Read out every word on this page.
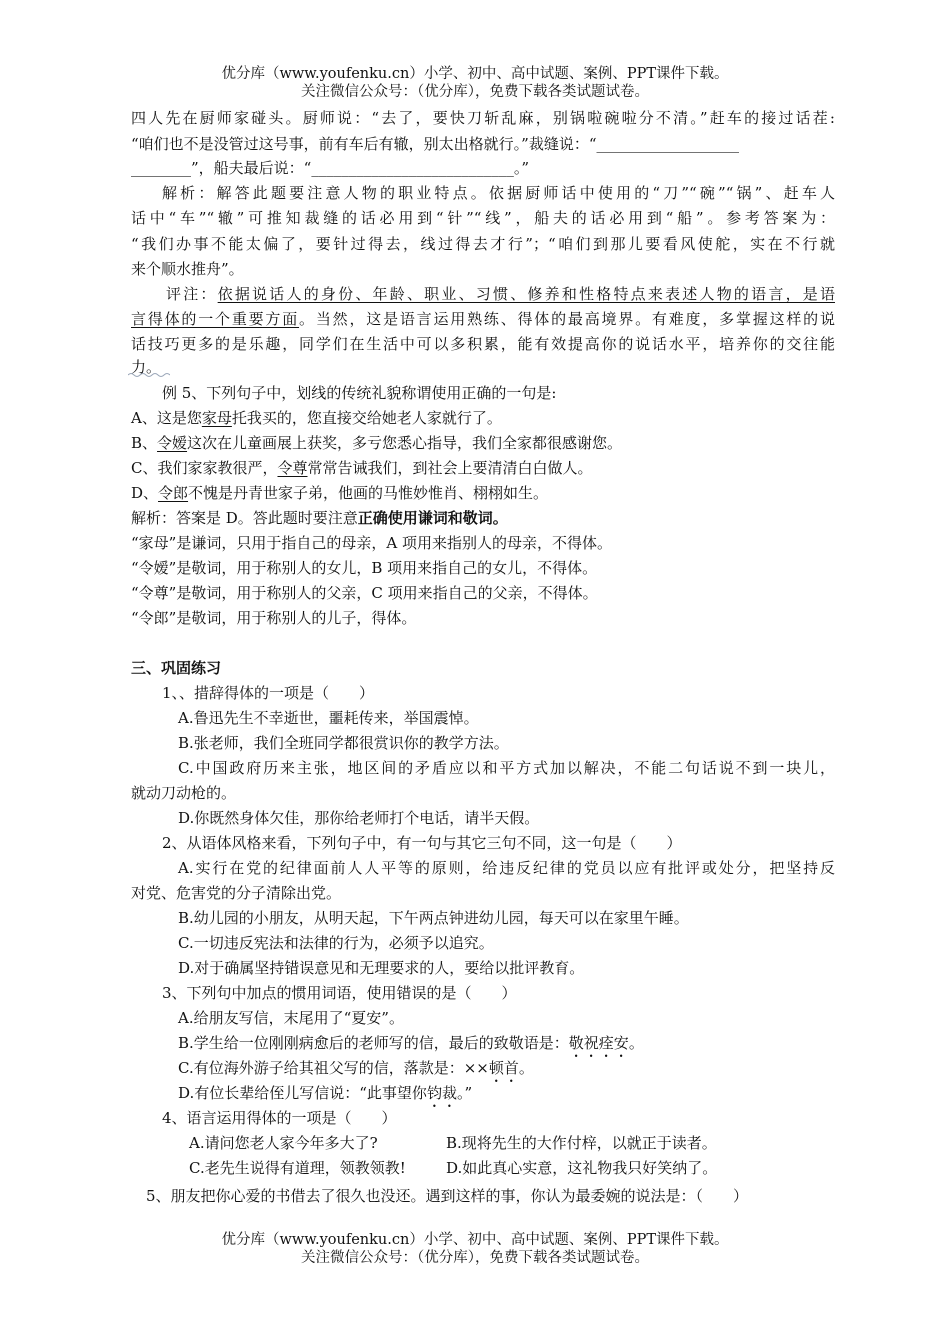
优分库（www.youfenku.cn）小学、初中、高中试题、案例、PPT课件下载。
关注微信公众号：（优分库），免费下载各类试题试卷。
四人先在厨师家碰头。厨师说：“去了，要快刀斩乱麻，别锅啦碗啦分不清。”赶车的接过话茬:
“咱们也不是没管过这号事，前有车后有辙，别太出格就行。”裁缝说：“___________________
________”，船夫最后说：“___________________________。”
解析：解答此题要注意人物的职业特点。依据厨师话中使用的“刀”“碗”“锅”、赶车人
话中“车”“辙”可推知裁缝的话必用到“针”“线”，船夫的话必用到“船”。参考答案为：
“我们办事不能太偏了，要针过得去，线过得去才行”；“咱们到那儿要看风使舵，实在不行就
来个顺水推舟”。
评注：依据说话人的身份、年龄、职业、习惯、修养和性格特点来表述人物的语言，是语
言得体的一个重要方面。当然，这是语言运用熟练、得体的最高境界。有难度，多掌握这样的说
话技巧更多的是乐趣，同学们在生活中可以多积累，能有效提高你的说话水平，培养你的交往能
力。
例 5、下列句子中，划线的传统礼貌称谓使用正确的一句是:
A、这是您家母托我买的，您直接交给她老人家就行了。
B、令嫒这次在儿童画展上获奖，多亏您悉心指导，我们全家都很感谢您。
C、我们家家教很严，令尊常常告诫我们，到社会上要清清白白做人。
D、令郎不愧是丹青世家子弟，他画的马惟妙惟肖、栩栩如生。
解析：答案是 D。答此题时要注意正确使用谦词和敬词。
“家母”是谦词，只用于指自己的母亲，A 项用来指别人的母亲，不得体。
“令嫒”是敬词，用于称别人的女儿，B 项用来指自己的女儿，不得体。
“令尊”是敬词，用于称别人的父亲，C 项用来指自己的父亲，不得体。
“令郎”是敬词，用于称别人的儿子，得体。
三、巩固练习
1、、措辞得体的一项是（　　）
A.鲁迅先生不幸逝世，噩耗传来，举国震悼。
B.张老师，我们全班同学都很赏识你的教学方法。
C.中国政府历来主张，地区间的矛盾应以和平方式加以解决，不能二句话说不到一块儿，
就动刀动枪的。
D.你既然身体欠佳，那你给老师打个电话，请半天假。
2、从语体风格来看，下列句子中，有一句与其它三句不同，这一句是（　　）
A.实行在党的纪律面前人人平等的原则，给违反纪律的党员以应有批评或处分，把坚持反
对党、危害党的分子清除出党。
B.幼儿园的小朋友，从明天起，下午两点钟进幼儿园，每天可以在家里午睡。
C.一切违反宪法和法律的行为，必须予以追究。
D.对于确属坚持错误意见和无理要求的人，要给以批评教育。
3、下列句中加点的惯用词语，使用错误的是（　　）
A.给朋友写信，末尾用了“夏安”。
B.学生给一位刚刚病愈后的老师写的信，最后的致敬语是：敬祝痊安。
C.有位海外游子给其祖父写的信，落款是：××顿首。
D.有位长辈给侄儿写信说：“此事望你钧裁。”
4、语言运用得体的一项是（　　）
A.请问您老人家今年多大了?	B.现将先生的大作付梓，以就正于读者。
C.老先生说得有道理，领教领教!	D.如此真心实意，这礼物我只好笑纳了。
5、朋友把你心爱的书借去了很久也没还。遇到这样的事，你认为最委婉的说法是：（　　）
优分库（www.youfenku.cn）小学、初中、高中试题、案例、PPT课件下载。
关注微信公众号：（优分库），免费下载各类试题试卷。
